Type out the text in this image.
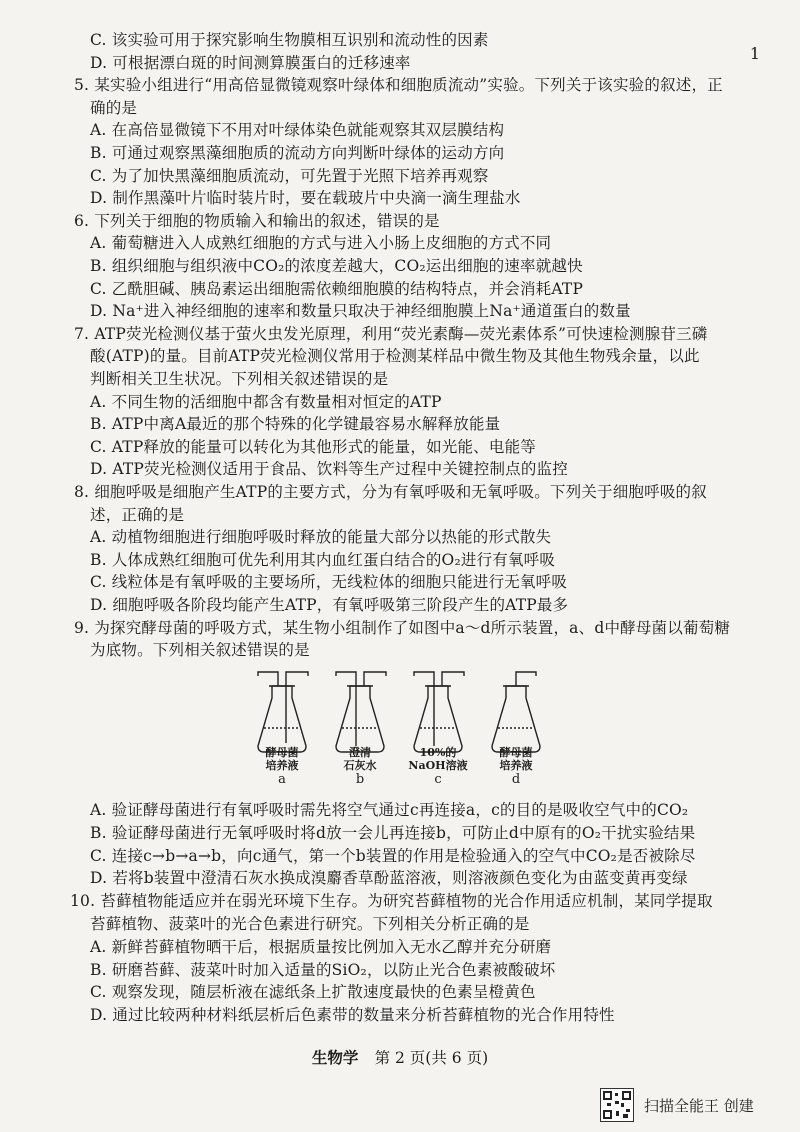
1
C. 该实验可用于探究影响生物膜相互识别和流动性的因素
D. 可根据漂白斑的时间测算膜蛋白的迁移速率
5. 某实验小组进行“用高倍显微镜观察叶绿体和细胞质流动”实验。下列关于该实验的叙述，正
确的是
A. 在高倍显微镜下不用对叶绿体染色就能观察其双层膜结构
B. 可通过观察黑藻细胞质的流动方向判断叶绿体的运动方向
C. 为了加快黑藻细胞质流动，可先置于光照下培养再观察
D. 制作黑藻叶片临时装片时，要在载玻片中央滴一滴生理盐水
6. 下列关于细胞的物质输入和输出的叙述，错误的是
A. 葡萄糖进入人成熟红细胞的方式与进入小肠上皮细胞的方式不同
B. 组织细胞与组织液中CO₂的浓度差越大，CO₂运出细胞的速率就越快
C. 乙酰胆碱、胰岛素运出细胞需依赖细胞膜的结构特点，并会消耗ATP
D. Na⁺进入神经细胞的速率和数量只取决于神经细胞膜上Na⁺通道蛋白的数量
7. ATP荧光检测仪基于萤火虫发光原理，利用“荧光素酶—荧光素体系”可快速检测腺苷三磷
酸(ATP)的量。目前ATP荧光检测仪常用于检测某样品中微生物及其他生物残余量，以此
判断相关卫生状况。下列相关叙述错误的是
A. 不同生物的活细胞中都含有数量相对恒定的ATP
B. ATP中离A最近的那个特殊的化学键最容易水解释放能量
C. ATP释放的能量可以转化为其他形式的能量，如光能、电能等
D. ATP荧光检测仪适用于食品、饮料等生产过程中关键控制点的监控
8. 细胞呼吸是细胞产生ATP的主要方式，分为有氧呼吸和无氧呼吸。下列关于细胞呼吸的叙
述，正确的是
A. 动植物细胞进行细胞呼吸时释放的能量大部分以热能的形式散失
B. 人体成熟红细胞可优先利用其内血红蛋白结合的O₂进行有氧呼吸
C. 线粒体是有氧呼吸的主要场所，无线粒体的细胞只能进行无氧呼吸
D. 细胞呼吸各阶段均能产生ATP，有氧呼吸第三阶段产生的ATP最多
9. 为探究酵母菌的呼吸方式，某生物小组制作了如图中a～d所示装置，a、d中酵母菌以葡萄糖
为底物。下列相关叙述错误的是
酵母菌
培养液
a
澄清
石灰水
b
10%的
NaOH溶液
c
酵母菌
培养液
d
A. 验证酵母菌进行有氧呼吸时需先将空气通过c再连接a，c的目的是吸收空气中的CO₂
B. 验证酵母菌进行无氧呼吸时将d放一会儿再连接b，可防止d中原有的O₂干扰实验结果
C. 连接c→b→a→b，向c通气，第一个b装置的作用是检验通入的空气中CO₂是否被除尽
D. 若将b装置中澄清石灰水换成溴麝香草酚蓝溶液，则溶液颜色变化为由蓝变黄再变绿
10. 苔藓植物能适应并在弱光环境下生存。为研究苔藓植物的光合作用适应机制，某同学提取
苔藓植物、菠菜叶的光合色素进行研究。下列相关分析正确的是
A. 新鲜苔藓植物晒干后，根据质量按比例加入无水乙醇并充分研磨
B. 研磨苔藓、菠菜叶时加入适量的SiO₂，以防止光合色素被酸破坏
C. 观察发现，随层析液在滤纸条上扩散速度最快的色素呈橙黄色
D. 通过比较两种材料纸层析后色素带的数量来分析苔藓植物的光合作用特性
生物学 第 2 页(共 6 页)
扫描全能王 创建
